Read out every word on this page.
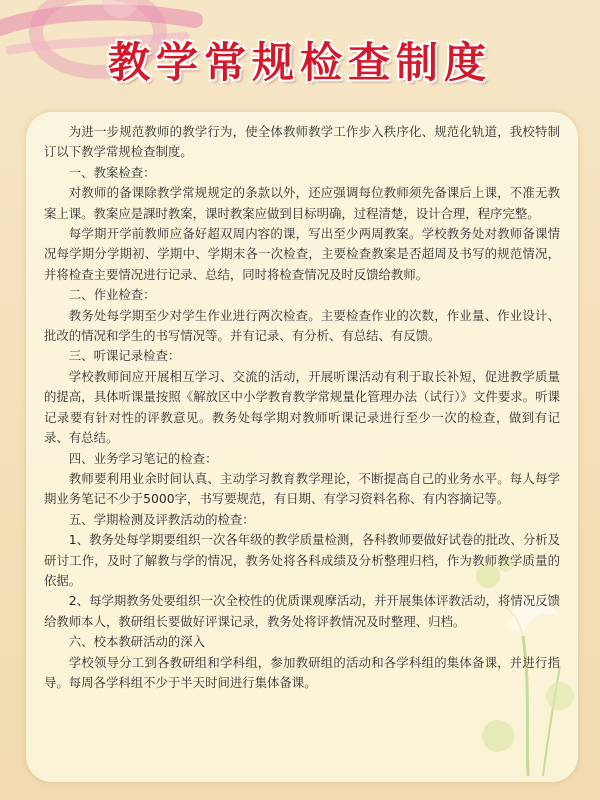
教学常规检查制度

为进一步规范教师的教学行为，使全体教师教学工作步入秩序化、规范化轨道，我校特制订以下教学常规检查制度。

一、教案检查：

对教师的备课除教学常规规定的条款以外，还应强调每位教师须先备课后上课，不准无教案上课。教案应是課时教案，课时教案应做到目标明确，过程清楚，设计合理，程序完整。

每学期开学前教师应备好超双周内容的课，写出至少两周教案。学校教务处对教师备课情况每学期分学期初、学期中、学期末各一次检查，主要检查教案是否超周及书写的规范情况，并将检查主要情况进行记录、总结，同时将检查情况及时反馈给教师。

二、作业检查：

教务处每学期至少对学生作业进行两次检查。主要检查作业的次数，作业量、作业设计、批改的情况和学生的书写情况等。并有记录、有分析、有总结、有反馈。

三、听课记录检查：

学校教师间应开展相互学习、交流的活动，开展听课活动有利于取长补短，促进教学质量的提高，具体听课量按照《解放区中小学教育教学常规量化管理办法（试行）》文件要求。听课记录要有针对性的评教意见。教务处每学期对教师听课记录进行至少一次的检查，做到有记录、有总结。

四、业务学习笔记的检查：

教师要利用业余时间认真、主动学习教育教学理论，不断提高自己的业务水平。每人每学期业务笔记不少于5000字，书写要规范，有日期、有学习资料名称、有内容摘记等。

五、学期检测及评教活动的检查：

1、教务处每学期要组织一次各年级的教学质量检测，各科教师要做好试卷的批改、分析及研讨工作，及时了解教与学的情况，教务处将各科成绩及分析整理归档，作为教师教学质量的依据。

2、每学期教务处要组织一次全校性的优质课观摩活动，并开展集体评教活动，将情况反馈给教师本人，教研组长要做好评课记录，教务处将评教情况及时整理、归档。

六、校本教研活动的深入

学校领导分工到各教研组和学科组，参加教研组的活动和各学科组的集体备课，并进行指导。每周各学科组不少于半天时间进行集体备课。
